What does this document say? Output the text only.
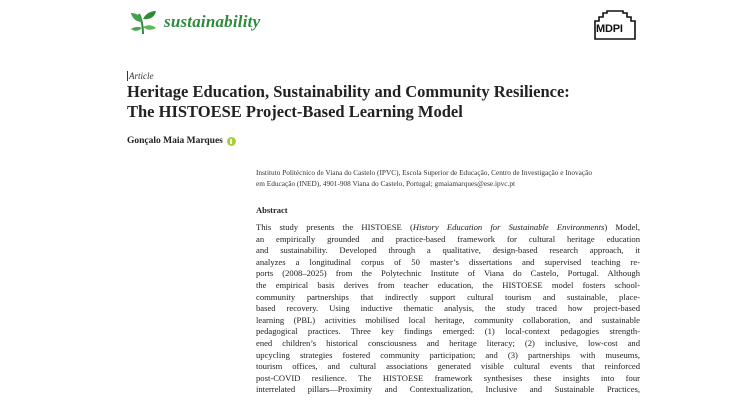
sustainability	MDPI
Article
Heritage Education, Sustainability and Community Resilience:
The HISTOESE Project-Based Learning Model
Gonçalo Maia Marques
Instituto Politécnico de Viana do Castelo (IPVC), Escola Superior de Educação, Centro de Investigação e Inovação
em Educação (INED), 4901-908 Viana do Castelo, Portugal; gmaiamarques@ese.ipvc.pt
Abstract
This study presents the HISTOESE (History Education for Sustainable Environments) Model,
an empirically grounded and practice-based framework for cultural heritage education
and sustainability. Developed through a qualitative, design-based research approach, it
analyzes a longitudinal corpus of 50 master’s dissertations and supervised teaching re-
ports (2008–2025) from the Polytechnic Institute of Viana do Castelo, Portugal. Although
the empirical basis derives from teacher education, the HISTOESE model fosters school-
community partnerships that indirectly support cultural tourism and sustainable, place-
based recovery. Using inductive thematic analysis, the study traced how project-based
learning (PBL) activities mobilised local heritage, community collaboration, and sustainable
pedagogical practices. Three key findings emerged: (1) local-context pedagogies strength-
ened children’s historical consciousness and heritage literacy; (2) inclusive, low-cost and
upcycling strategies fostered community participation; and (3) partnerships with museums,
tourism offices, and cultural associations generated visible cultural events that reinforced
post-COVID resilience. The HISTOESE framework synthesises these insights into four
interrelated pillars—Proximity and Contextualization, Inclusive and Sustainable Practices,
